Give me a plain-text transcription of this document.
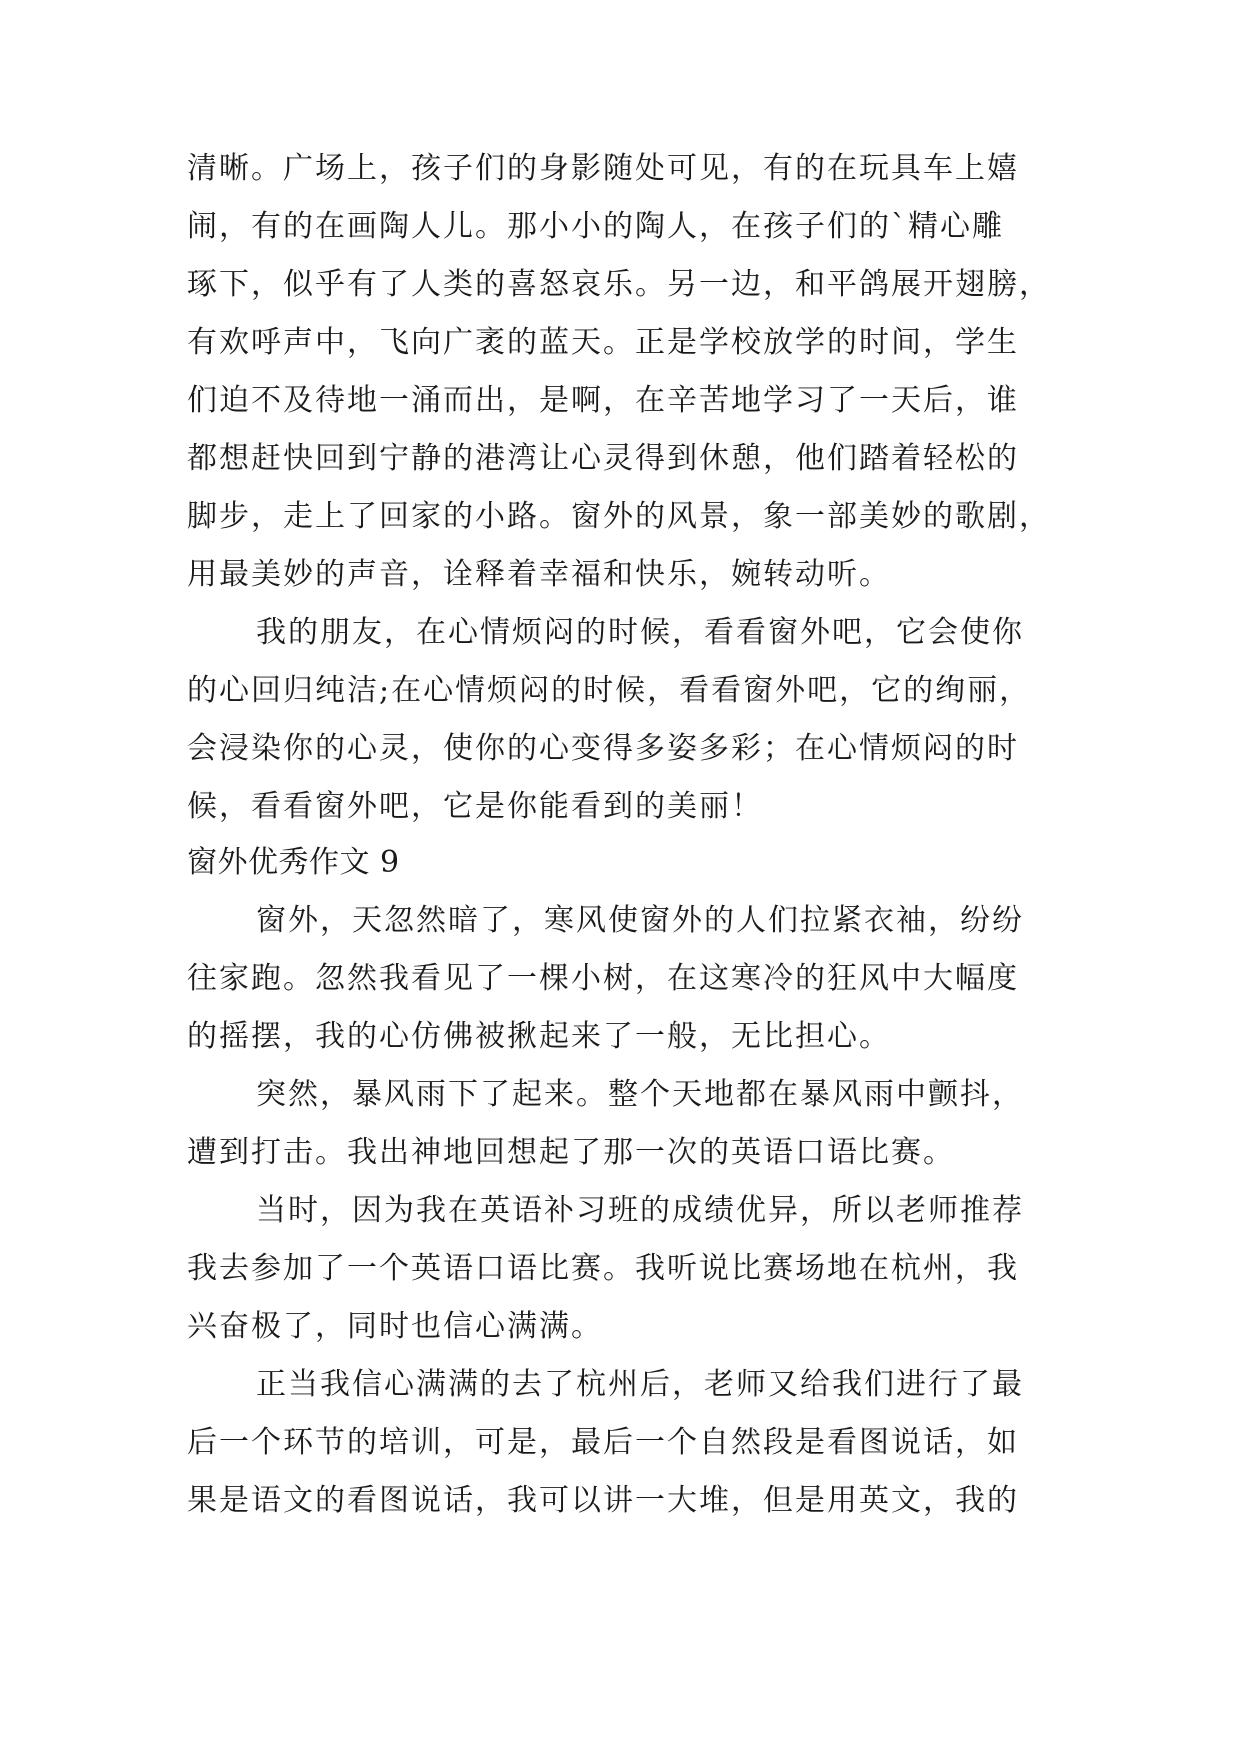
清晰。广场上，孩子们的身影随处可见，有的在玩具车上嬉
闹，有的在画陶人儿。那小小的陶人，在孩子们的`精心雕
琢下，似乎有了人类的喜怒哀乐。另一边，和平鸽展开翅膀，
有欢呼声中，飞向广袤的蓝天。正是学校放学的时间，学生
们迫不及待地一涌而出，是啊，在辛苦地学习了一天后，谁
都想赶快回到宁静的港湾让心灵得到休憩，他们踏着轻松的
脚步，走上了回家的小路。窗外的风景，象一部美妙的歌剧，
用最美妙的声音，诠释着幸福和快乐，婉转动听。
我的朋友，在心情烦闷的时候，看看窗外吧，它会使你
的心回归纯洁;在心情烦闷的时候，看看窗外吧，它的绚丽，
会浸染你的心灵，使你的心变得多姿多彩；在心情烦闷的时
候，看看窗外吧，它是你能看到的美丽！
窗外优秀作文 9
窗外，天忽然暗了，寒风使窗外的人们拉紧衣袖，纷纷
往家跑。忽然我看见了一棵小树，在这寒冷的狂风中大幅度
的摇摆，我的心仿佛被揪起来了一般，无比担心。
突然，暴风雨下了起来。整个天地都在暴风雨中颤抖，
遭到打击。我出神地回想起了那一次的英语口语比赛。
当时，因为我在英语补习班的成绩优异，所以老师推荐
我去参加了一个英语口语比赛。我听说比赛场地在杭州，我
兴奋极了，同时也信心满满。
正当我信心满满的去了杭州后，老师又给我们进行了最
后一个环节的培训，可是，最后一个自然段是看图说话，如
果是语文的看图说话，我可以讲一大堆，但是用英文，我的
